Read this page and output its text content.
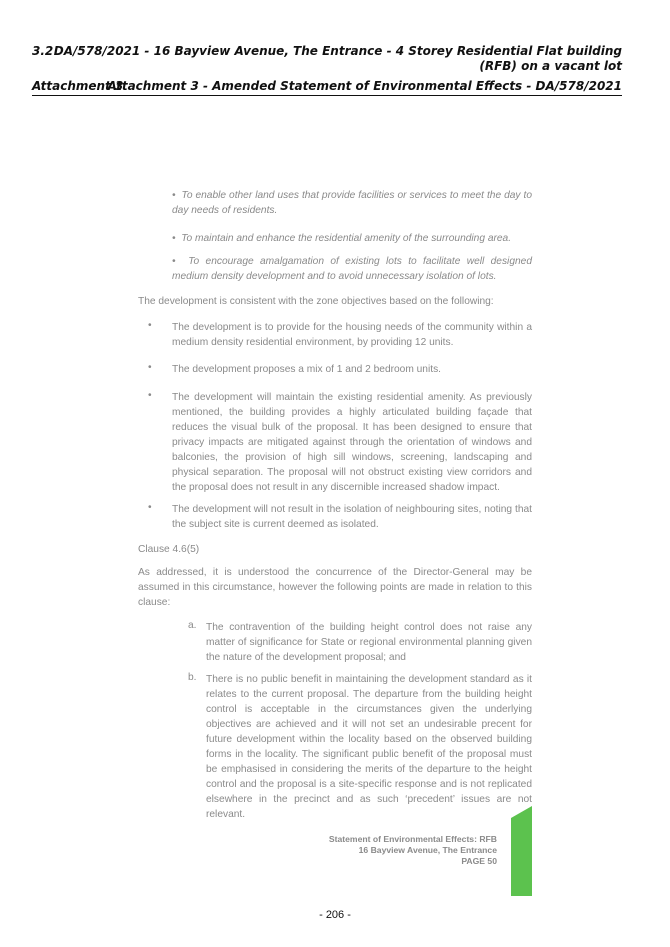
3.2 DA/578/2021 - 16 Bayview Avenue, The Entrance - 4 Storey Residential Flat building
(RFB) on a vacant lot
Attachment 3
Attachment 3 - Amended Statement of Environmental Effects - DA/578/2021
• To enable other land uses that provide facilities or services to meet the day to day needs of residents.
• To maintain and enhance the residential amenity of the surrounding area.
• To encourage amalgamation of existing lots to facilitate well designed medium density development and to avoid unnecessary isolation of lots.
The development is consistent with the zone objectives based on the following:
• The development is to provide for the housing needs of the community within a medium density residential environment, by providing 12 units.
• The development proposes a mix of 1 and 2 bedroom units.
• The development will maintain the existing residential amenity. As previously mentioned, the building provides a highly articulated building façade that reduces the visual bulk of the proposal. It has been designed to ensure that privacy impacts are mitigated against through the orientation of windows and balconies, the provision of high sill windows, screening, landscaping and physical separation. The proposal will not obstruct existing view corridors and the proposal does not result in any discernible increased shadow impact.
• The development will not result in the isolation of neighbouring sites, noting that the subject site is current deemed as isolated.
Clause 4.6(5)
As addressed, it is understood the concurrence of the Director-General may be assumed in this circumstance, however the following points are made in relation to this clause:
a. The contravention of the building height control does not raise any matter of significance for State or regional environmental planning given the nature of the development proposal; and
b. There is no public benefit in maintaining the development standard as it relates to the current proposal. The departure from the building height control is acceptable in the circumstances given the underlying objectives are achieved and it will not set an undesirable precent for future development within the locality based on the observed building forms in the locality. The significant public benefit of the proposal must be emphasised in considering the merits of the departure to the height control and the proposal is a site-specific response and is not replicated elsewhere in the precinct and as such ‘precedent’ issues are not relevant.
Statement of Environmental Effects: RFB
16 Bayview Avenue, The Entrance
PAGE 50
- 206 -
